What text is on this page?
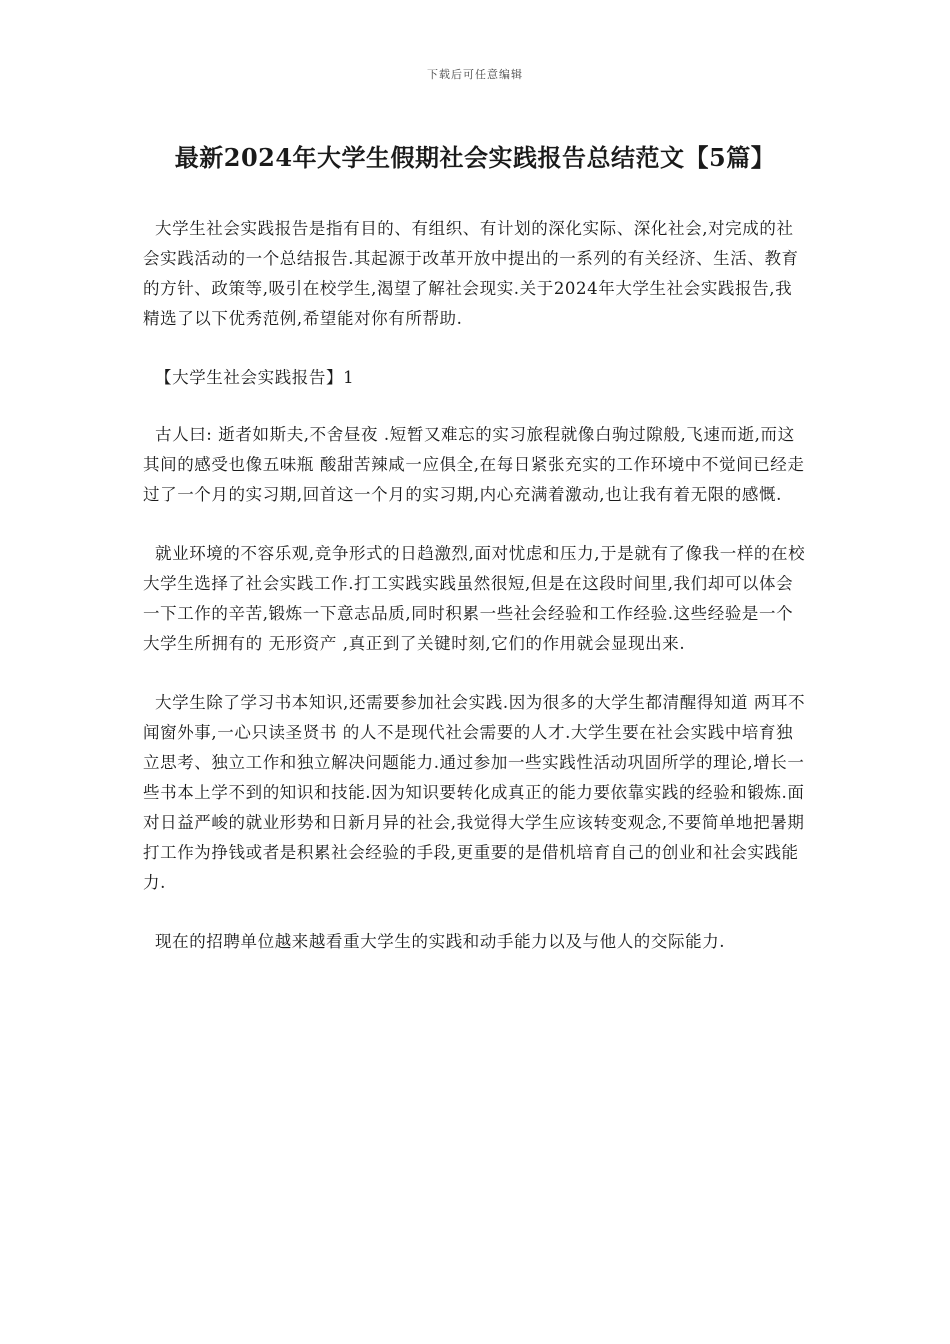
下载后可任意编辑
最新2024年大学生假期社会实践报告总结范文【5篇】

大学生社会实践报告是指有目的、有组织、有计划的深化实际、深化社会,对完成的社会实践活动的一个总结报告.其起源于改革开放中提出的一系列的有关经济、生活、教育的方针、政策等,吸引在校学生,渴望了解社会现实.关于2024年大学生社会实践报告,我精选了以下优秀范例,希望能对你有所帮助.

【大学生社会实践报告】1

古人曰: 逝者如斯夫,不舍昼夜 .短暂又难忘的实习旅程就像白驹过隙般,飞速而逝,而这其间的感受也像五味瓶 酸甜苦辣咸一应俱全,在每日紧张充实的工作环境中不觉间已经走过了一个月的实习期,回首这一个月的实习期,内心充满着激动,也让我有着无限的感慨.

就业环境的不容乐观,竞争形式的日趋激烈,面对忧虑和压力,于是就有了像我一样的在校大学生选择了社会实践工作.打工实践实践虽然很短,但是在这段时间里,我们却可以体会一下工作的辛苦,锻炼一下意志品质,同时积累一些社会经验和工作经验.这些经验是一个大学生所拥有的 无形资产 ,真正到了关键时刻,它们的作用就会显现出来.

大学生除了学习书本知识,还需要参加社会实践.因为很多的大学生都清醒得知道 两耳不闻窗外事,一心只读圣贤书 的人不是现代社会需要的人才.大学生要在社会实践中培育独立思考、独立工作和独立解决问题能力.通过参加一些实践性活动巩固所学的理论,增长一些书本上学不到的知识和技能.因为知识要转化成真正的能力要依靠实践的经验和锻炼.面对日益严峻的就业形势和日新月异的社会,我觉得大学生应该转变观念,不要简单地把暑期打工作为挣钱或者是积累社会经验的手段,更重要的是借机培育自己的创业和社会实践能力.

现在的招聘单位越来越看重大学生的实践和动手能力以及与他人的交际能力.
